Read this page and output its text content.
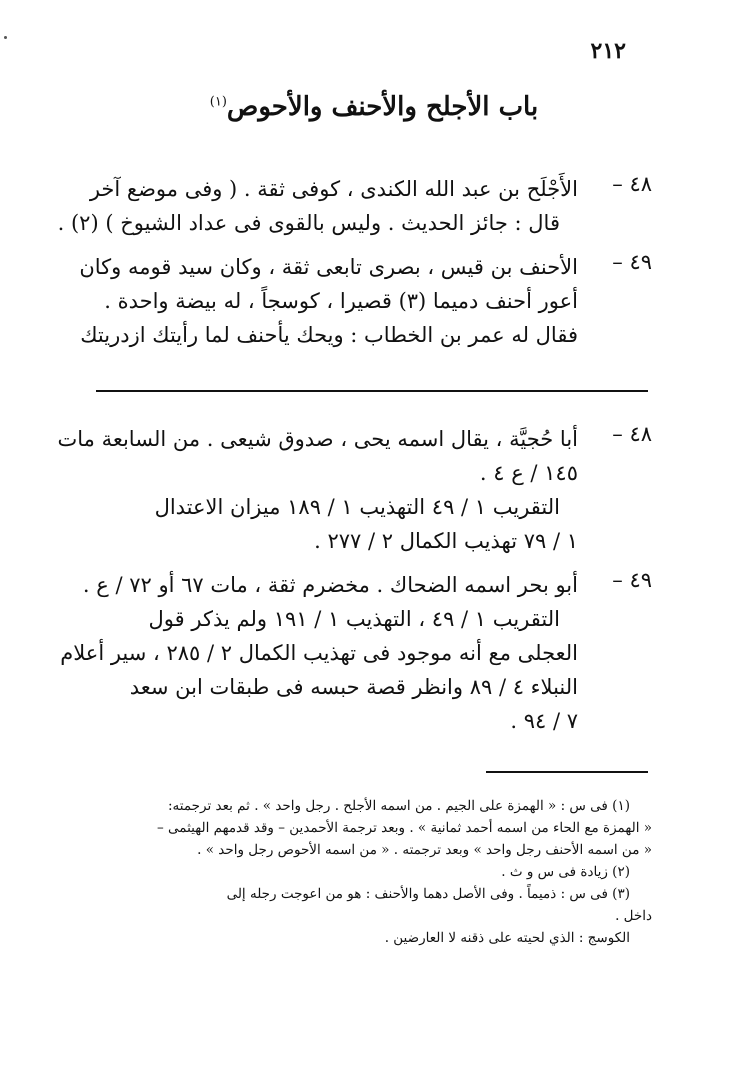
٢١٢
باب الأجلح والأحنف والأحوص$^{(١)}$
٤٨ –
الأَجْلَح بن عبد الله الكندى ، كوفى ثقة . ( وفى موضع آخر
قال : جائز الحديث . وليس بالقوى فى عداد الشيوخ ) (٢) .
٤٩ –
الأحنف بن قيس ، بصرى تابعى ثقة ، وكان سيد قومه وكان
أعور أحنف دميما (٣) قصيرا ، كوسجاً ، له بيضة واحدة .
فقال له عمر بن الخطاب : ويحك يأحنف لما رأيتك ازدريتك
٤٨ –
أبا حُجيَّة ، يقال اسمه يحى ، صدوق شيعى . من السابعة مات
١٤٥ / ع ٤ .
التقريب ١ / ٤٩ التهذيب ١ / ١٨٩ ميزان الاعتدال
١ / ٧٩ تهذيب الكمال ٢ / ٢٧٧ .
٤٩ –
أبو بحر اسمه الضحاك . مخضرم ثقة ، مات ٦٧ أو ٧٢ / ع .
التقريب ١ / ٤٩ ، التهذيب ١ / ١٩١ ولم يذكر قول
العجلى مع أنه موجود فى تهذيب الكمال ٢ / ٢٨٥ ، سير أعلام
النبلاء ٤ / ٨٩ وانظر قصة حبسه فى طبقات ابن سعد
٧ / ٩٤ .
(١) فى س : « الهمزة على الجيم . من اسمه الأجلح . رجل واحد » . ثم بعد ترجمته:
« الهمزة مع الحاء من اسمه أحمد ثمانية » . وبعد ترجمة الأحمدين – وقد قدمهم الهيثمى –
« من اسمه الأحنف رجل واحد » وبعد ترجمته . « من اسمه الأحوص رجل واحد » .
(٢) زيادة فى س و ث .
(٣) فى س : ذميماً . وفى الأصل دهما والأحنف : هو من اعوجت رجله إلى
داخل .
الكوسج : الذي لحيته على ذقنه لا العارضين .
